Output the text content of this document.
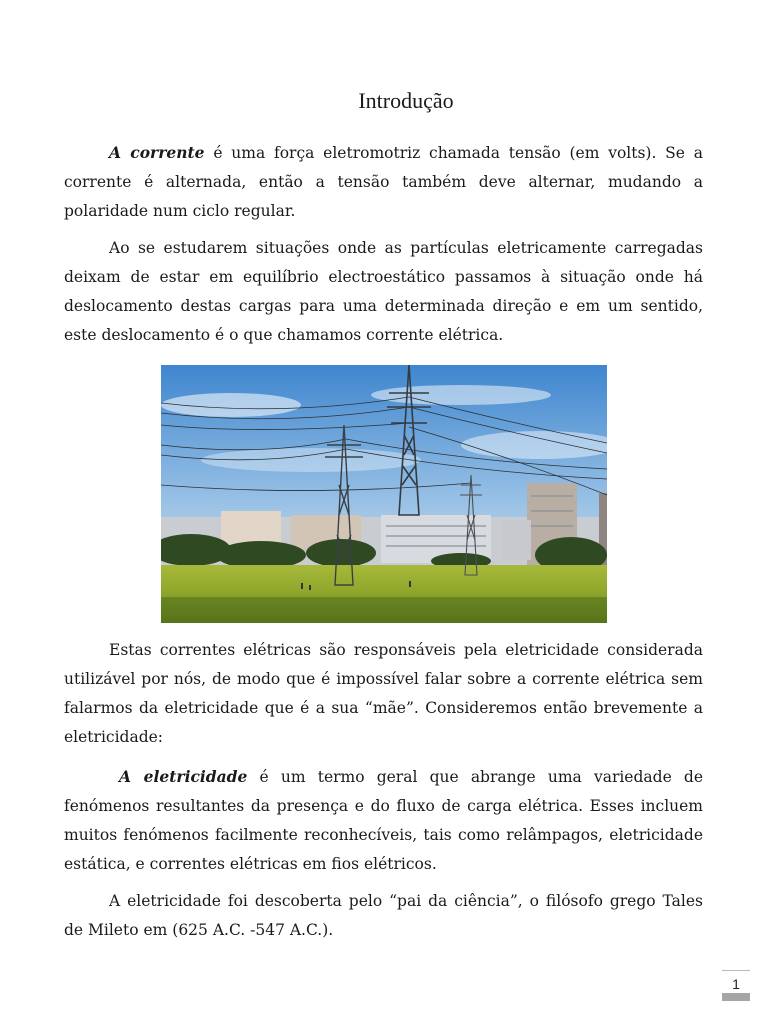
Introdução

A corrente é uma força eletromotriz chamada tensão (em volts). Se a corrente é alternada, então a tensão também deve alternar, mudando a polaridade num ciclo regular.

Ao se estudarem situações onde as partículas eletricamente carregadas deixam de estar em equilíbrio electroestático passamos à situação onde há deslocamento destas cargas para uma determinada direção e em um sentido, este deslocamento é o que chamamos corrente elétrica.

Estas correntes elétricas são responsáveis pela eletricidade considerada utilizável por nós, de modo que é impossível falar sobre a corrente elétrica sem falarmos da eletricidade que é a sua “mãe”. Consideremos então brevemente a eletricidade:

A eletricidade é um termo geral que abrange uma variedade de fenómenos resultantes da presença e do fluxo de carga elétrica. Esses incluem muitos fenómenos facilmente reconhecíveis, tais como relâmpagos, eletricidade estática, e correntes elétricas em fios elétricos.

A eletricidade foi descoberta pelo “pai da ciência”, o filósofo grego Tales de Mileto em (625 A.C. -547 A.C.).

1
